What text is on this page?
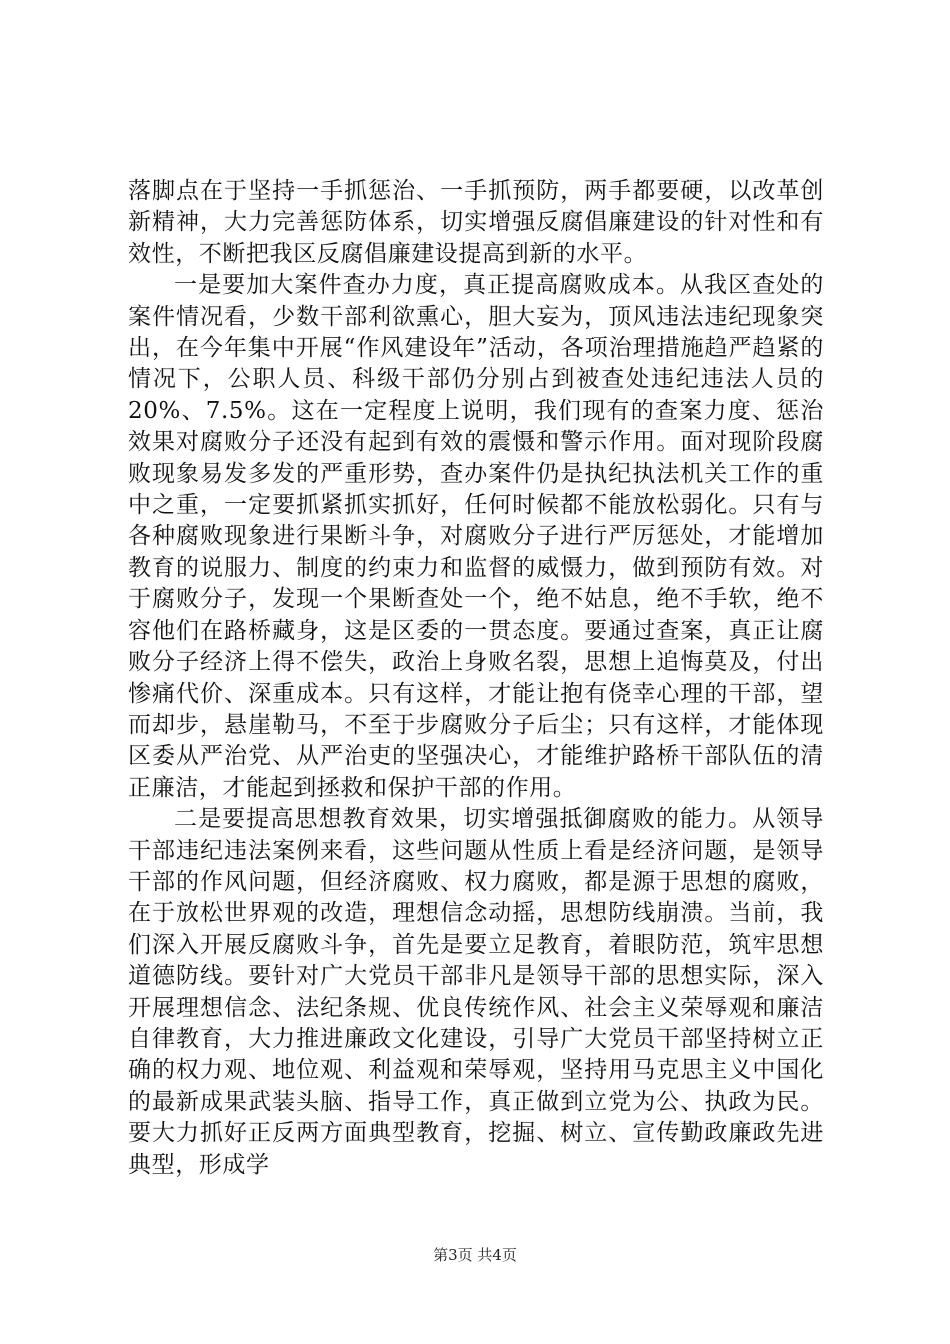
落脚点在于坚持一手抓惩治、一手抓预防，两手都要硬，以改革创新精神，大力完善惩防体系，切实增强反腐倡廉建设的针对性和有效性，不断把我区反腐倡廉建设提高到新的水平。

一是要加大案件查办力度，真正提高腐败成本。从我区查处的案件情况看，少数干部利欲熏心，胆大妄为，顶风违法违纪现象突出，在今年集中开展“作风建设年”活动，各项治理措施趋严趋紧的情况下，公职人员、科级干部仍分别占到被查处违纪违法人员的20%、7.5%。这在一定程度上说明，我们现有的查案力度、惩治效果对腐败分子还没有起到有效的震慑和警示作用。面对现阶段腐败现象易发多发的严重形势，查办案件仍是执纪执法机关工作的重中之重，一定要抓紧抓实抓好，任何时候都不能放松弱化。只有与各种腐败现象进行果断斗争，对腐败分子进行严厉惩处，才能增加教育的说服力、制度的约束力和监督的威慑力，做到预防有效。对于腐败分子，发现一个果断查处一个，绝不姑息，绝不手软，绝不容他们在路桥藏身，这是区委的一贯态度。要通过查案，真正让腐败分子经济上得不偿失，政治上身败名裂，思想上追悔莫及，付出惨痛代价、深重成本。只有这样，才能让抱有侥幸心理的干部，望而却步，悬崖勒马，不至于步腐败分子后尘；只有这样，才能体现区委从严治党、从严治吏的坚强决心，才能维护路桥干部队伍的清正廉洁，才能起到拯救和保护干部的作用。

二是要提高思想教育效果，切实增强抵御腐败的能力。从领导干部违纪违法案例来看，这些问题从性质上看是经济问题，是领导干部的作风问题，但经济腐败、权力腐败，都是源于思想的腐败，在于放松世界观的改造，理想信念动摇，思想防线崩溃。当前，我们深入开展反腐败斗争，首先是要立足教育，着眼防范，筑牢思想道德防线。要针对广大党员干部非凡是领导干部的思想实际，深入开展理想信念、法纪条规、优良传统作风、社会主义荣辱观和廉洁自律教育，大力推进廉政文化建设，引导广大党员干部坚持树立正确的权力观、地位观、利益观和荣辱观，坚持用马克思主义中国化的最新成果武装头脑、指导工作，真正做到立党为公、执政为民。要大力抓好正反两方面典型教育，挖掘、树立、宣传勤政廉政先进典型，形成学

第3页 共4页
